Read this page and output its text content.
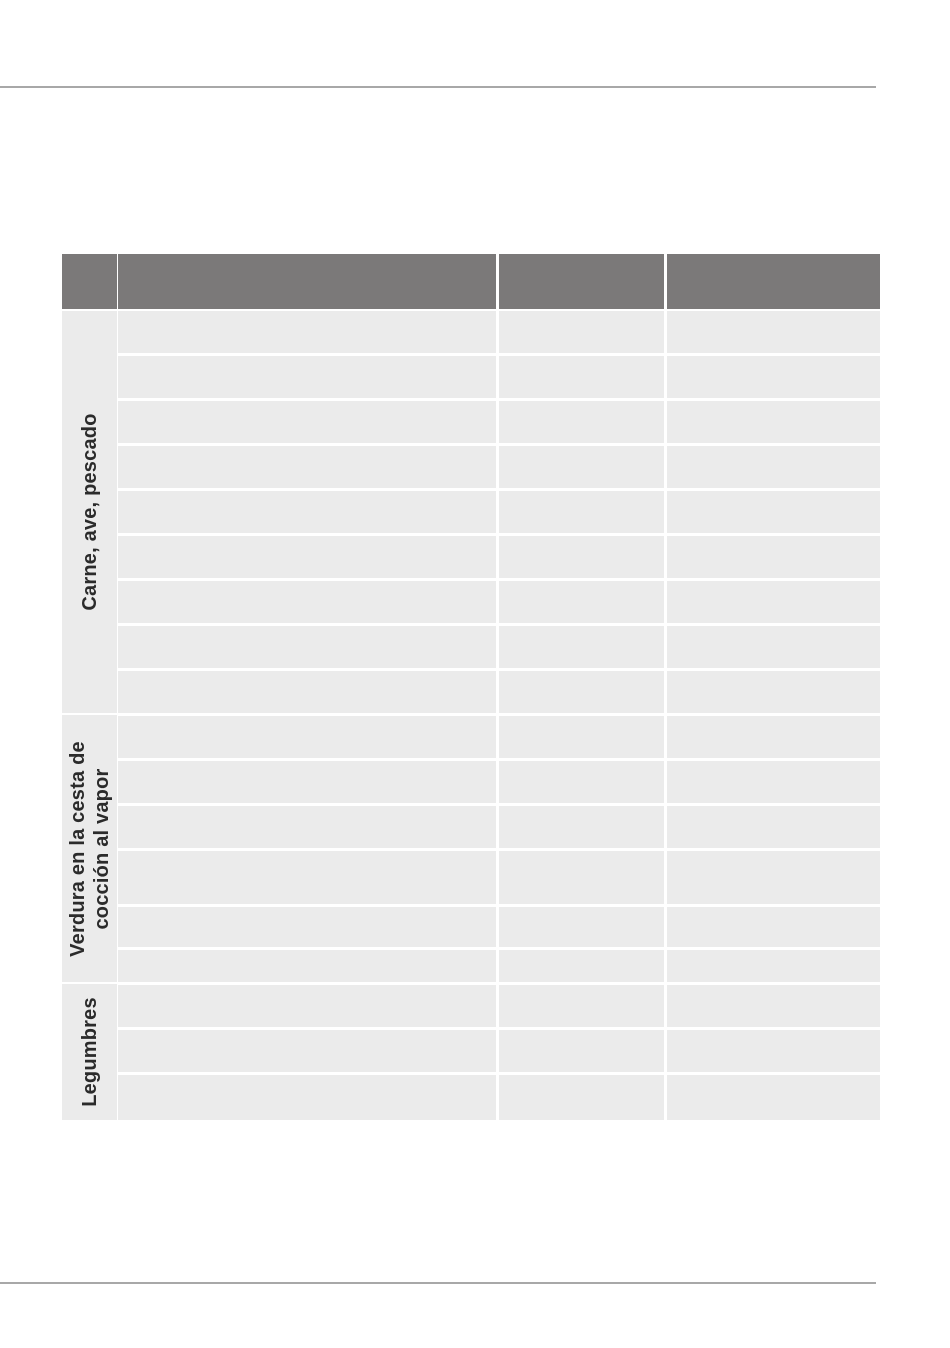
Carne, ave, pescado
Verdura en la cesta de cocción al vapor
Legumbres
